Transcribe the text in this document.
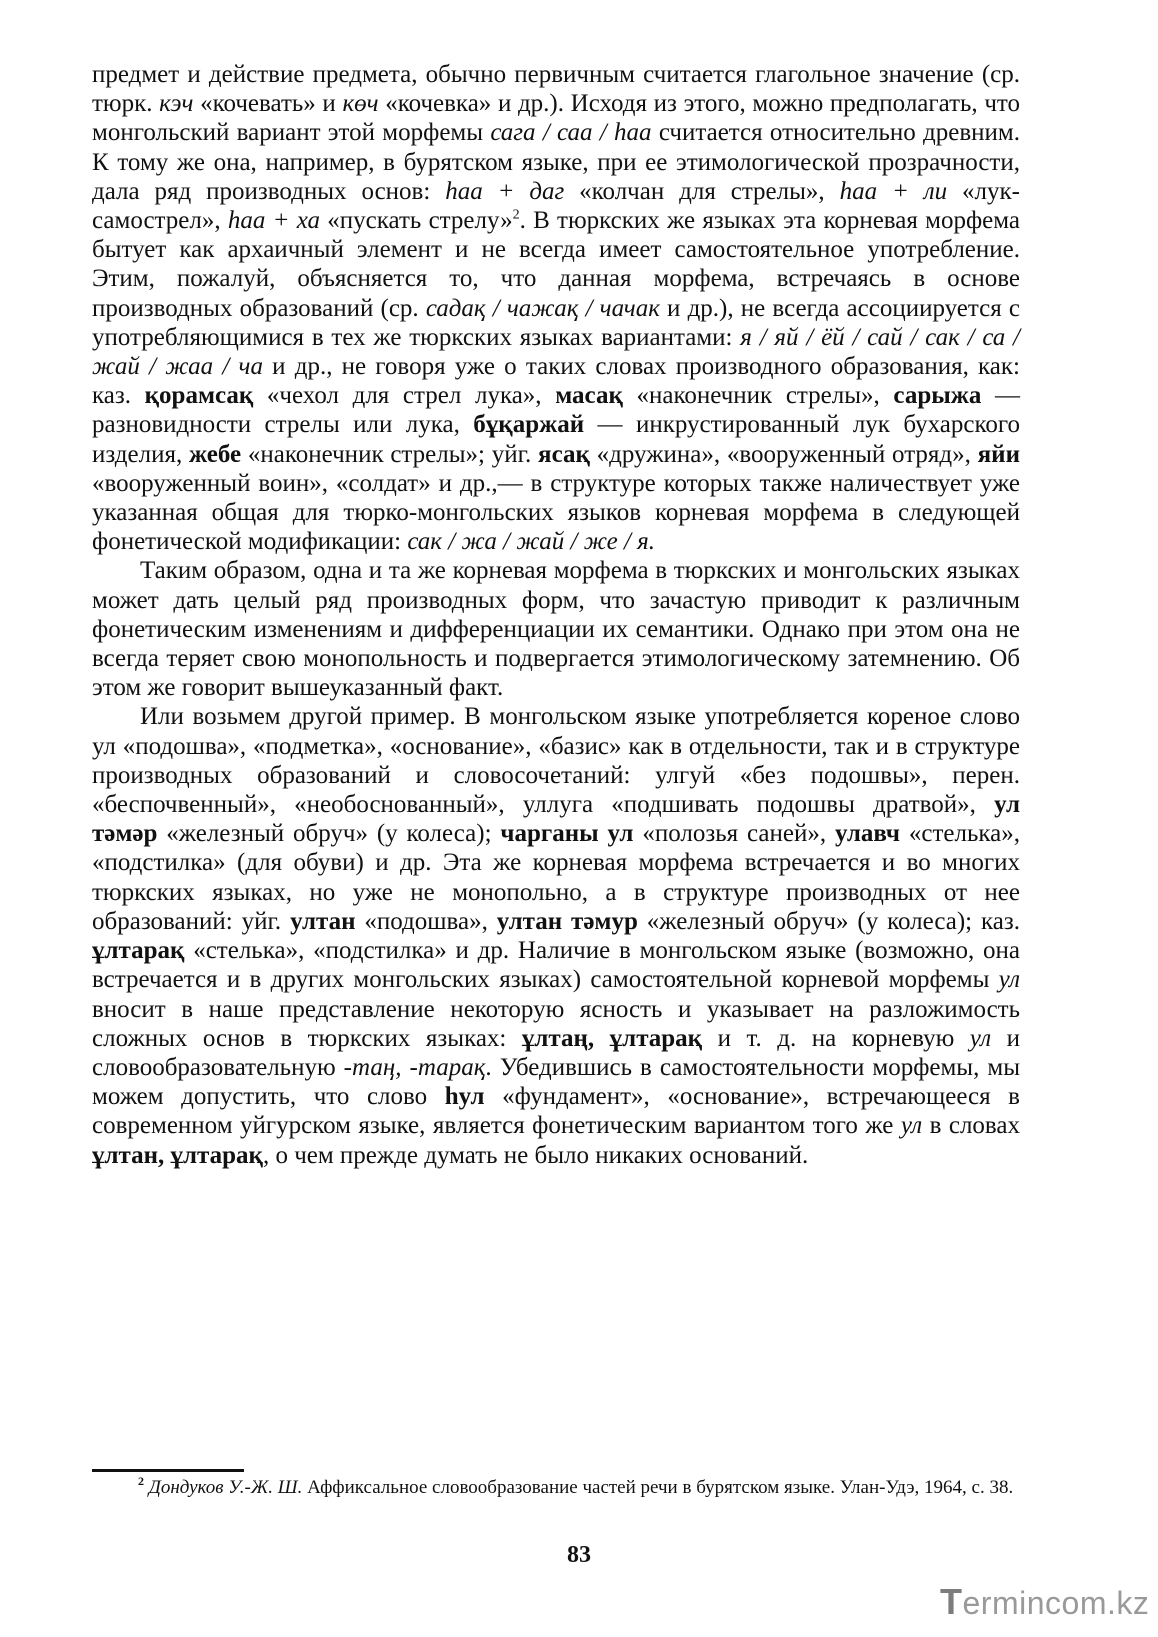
предмет и действие предмета, обычно первичным считается глагольное значение (ср. тюрк. кэч «кочевать» и көч «кочевка» и др.). Исходя из этого, можно предполагать, что монгольский вариант этой морфемы сага / саа / һаа считается относительно древним. К тому же она, например, в бурятском языке, при ее этимологической прозрачности, дала ряд производных основ: һаа + даг «колчан для стрелы», һаа + ли «лук-самострел», һаа + ха «пускать стрелу»$^2$. В тюркских же языках эта корневая морфема бытует как архаичный элемент и не всегда имеет самостоятельное употребление. Этим, пожалуй, объясняется то, что данная морфема, встречаясь в основе производных образований (ср. садақ / чажақ / чачак и др.), не всегда ассоциируется с употребляющимися в тех же тюркских языках вариантами: я / яй / ёй / сай / сак / са / жай / жаа / ча и др., не говоря уже о таких словах производного образования, как: каз. қорамсақ «чехол для стрел лука», масақ «наконечник стрелы», сарыжа — разновидности стрелы или лука, бұқаржай — инкрустированный лук бухарского изделия, жебе «наконечник стрелы»; уйг. ясақ «дружина», «вооруженный отряд», яйи «вооруженный воин», «солдат» и др.,— в структуре которых также наличествует уже указанная общая для тюрко-монгольских языков корневая морфема в следующей фонетической модификации: сак / жа / жай / же / я.

Таким образом, одна и та же корневая морфема в тюркских и монгольских языках может дать целый ряд производных форм, что зачастую приводит к различным фонетическим изменениям и дифференциации их семантики. Однако при этом она не всегда теряет свою монопольность и подвергается этимологическому затемнению. Об этом же говорит вышеуказанный факт.

Или возьмем другой пример. В монгольском языке употребляется кореное слово ул «подошва», «подметка», «основание», «базис» как в отдельности, так и в структуре производных образований и словосочетаний: улгуй «без подошвы», перен. «беспочвенный», «необоснованный», уллуга «подшивать подошвы дратвой», ул тәмәр «железный обруч» (у колеса); чарганы ул «полозья саней», улавч «стелька», «подстилка» (для обуви) и др. Эта же корневая морфема встречается и во многих тюркских языках, но уже не монопольно, а в структуре производных от нее образований: уйг. ултан «подошва», ултан тәмур «железный обруч» (у колеса); каз. ұлтарақ «стелька», «подстилка» и др. Наличие в монгольском языке (возможно, она встречается и в других монгольских языках) самостоятельной корневой морфемы ул вносит в наше представление некоторую ясность и указывает на разложимость сложных основ в тюркских языках: ұлтаң, ұлтарақ и т. д. на корневую ул и словообразовательную -таң, -тарақ. Убедившись в самостоятельности морфемы, мы можем допустить, что слово һул «фундамент», «основание», встречающееся в современном уйгурском языке, является фонетическим вариантом того же ул в словах ұлтан, ұлтарақ, о чем прежде думать не было никаких оснований.

$^2$ Дондуков У.-Ж. Ш. Аффиксальное словообразование частей речи в бурятском языке. Улан-Удэ, 1964, с. 38.
83
Termincom.kz
